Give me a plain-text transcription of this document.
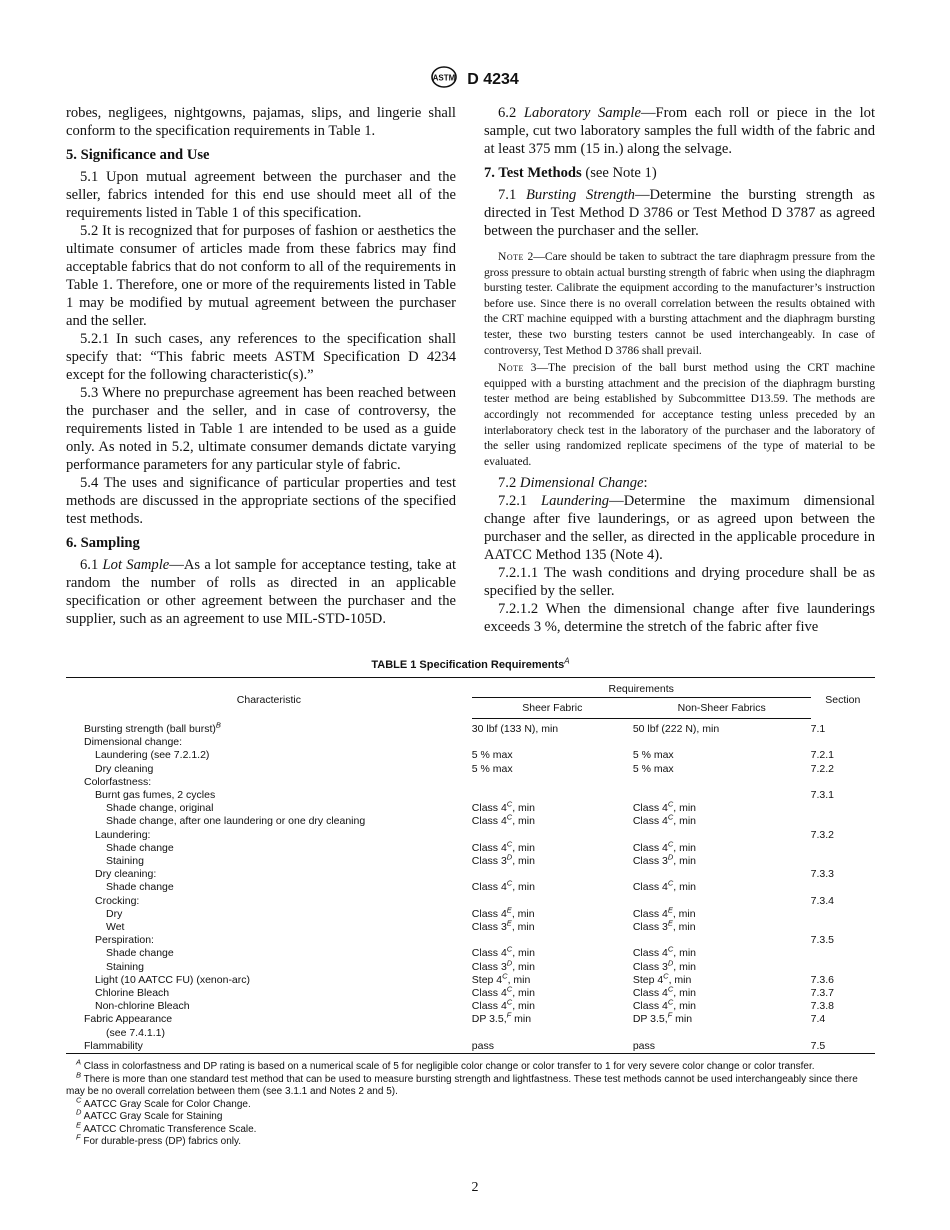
ASTM D 4234

robes, negligees, nightgowns, pajamas, slips, and lingerie shall conform to the specification requirements in Table 1.

5. Significance and Use

5.1 Upon mutual agreement between the purchaser and the seller, fabrics intended for this end use should meet all of the requirements listed in Table 1 of this specification.

5.2 It is recognized that for purposes of fashion or aesthetics the ultimate consumer of articles made from these fabrics may find acceptable fabrics that do not conform to all of the requirements in Table 1. Therefore, one or more of the requirements listed in Table 1 may be modified by mutual agreement between the purchaser and the seller.

5.2.1 In such cases, any references to the specification shall specify that: “This fabric meets ASTM Specification D 4234 except for the following characteristic(s).”

5.3 Where no prepurchase agreement has been reached between the purchaser and the seller, and in case of controversy, the requirements listed in Table 1 are intended to be used as a guide only. As noted in 5.2, ultimate consumer demands dictate varying performance parameters for any particular style of fabric.

5.4 The uses and significance of particular properties and test methods are discussed in the appropriate sections of the specified test methods.

6. Sampling

6.1 Lot Sample—As a lot sample for acceptance testing, take at random the number of rolls as directed in an applicable specification or other agreement between the purchaser and the supplier, such as an agreement to use MIL-STD-105D.

6.2 Laboratory Sample—From each roll or piece in the lot sample, cut two laboratory samples the full width of the fabric and at least 375 mm (15 in.) along the selvage.

7. Test Methods (see Note 1)

7.1 Bursting Strength—Determine the bursting strength as directed in Test Method D 3786 or Test Method D 3787 as agreed between the purchaser and the seller.

Note 2—Care should be taken to subtract the tare diaphragm pressure from the gross pressure to obtain actual bursting strength of fabric when using the diaphragm bursting tester. Calibrate the equipment according to the manufacturer’s instruction before use. Since there is no overall correlation between the results obtained with the CRT machine equipped with a bursting attachment and the diaphragm bursting tester, these two bursting testers cannot be used interchangeably. In case of controversy, Test Method D 3786 shall prevail.

Note 3—The precision of the ball burst method using the CRT machine equipped with a bursting attachment and the precision of the diaphragm bursting tester method are being established by Subcommittee D13.59. The methods are accordingly not recommended for acceptance testing unless preceded by an interlaboratory check test in the laboratory of the purchaser and the laboratory of the seller using randomized replicate specimens of the type of material to be evaluated.

7.2 Dimensional Change:

7.2.1 Laundering—Determine the maximum dimensional change after five launderings, or as agreed upon between the purchaser and the seller, as directed in the applicable procedure in AATCC Method 135 (Note 4).

7.2.1.1 The wash conditions and drying procedure shall be as specified by the seller.

7.2.1.2 When the dimensional change after five launderings exceeds 3 %, determine the stretch of the fabric after five

TABLE 1 Specification Requirements$^A$
Characteristic	Requirements		Section
	Sheer Fabric	Non-Sheer Fabrics	
Bursting strength (ball burst)$^B$	30 lbf (133 N), min	50 lbf (222 N), min	7.1
Dimensional change:			
Laundering (see 7.2.1.2)	5 % max	5 % max	7.2.1
Dry cleaning	5 % max	5 % max	7.2.2
Colorfastness:			
Burnt gas fumes, 2 cycles			7.3.1
Shade change, original	Class $4^C$, min	Class $4^C$, min	
Shade change, after one laundering or one dry cleaning	Class $4^C$, min	Class $4^C$, min	
Laundering:			7.3.2
Shade change	Class $4^C$, min	Class $4^C$, min	
Staining	Class $3^D$, min	Class $3^D$, min	
Dry cleaning:			7.3.3
Shade change	Class $4^C$, min	Class $4^C$, min	
Crocking:			7.3.4
Dry	Class $4^E$, min	Class $4^E$, min	
Wet	Class $3^E$, min	Class $3^E$, min	
Perspiration:			7.3.5
Shade change	Class $4^C$, min	Class $4^C$, min	
Staining	Class $3^D$, min	Class $3^D$, min	
Light (10 AATCC FU) (xenon-arc)	Step $4^C$, min	Step $4^C$, min	7.3.6
Chlorine Bleach	Class $4^C$, min	Class $4^C$, min	7.3.7
Non-chlorine Bleach	Class $4^C$, min	Class $4^C$, min	7.3.8
Fabric Appearance	DP 3.5,$^F$ min	DP 3.5,$^F$ min	7.4
(see 7.4.1.1)			
Flammability	pass	pass	7.5

$^A$ Class in colorfastness and DP rating is based on a numerical scale of 5 for negligible color change or color transfer to 1 for very severe color change or color transfer.

$^B$ There is more than one standard test method that can be used to measure bursting strength and lightfastness. These test methods cannot be used interchangeably since there may be no overall correlation between them (see 3.1.1 and Notes 2 and 5).

$^C$ AATCC Gray Scale for Color Change.

$^D$ AATCC Gray Scale for Staining

$^E$ AATCC Chromatic Transference Scale.

$^F$ For durable-press (DP) fabrics only.

2
